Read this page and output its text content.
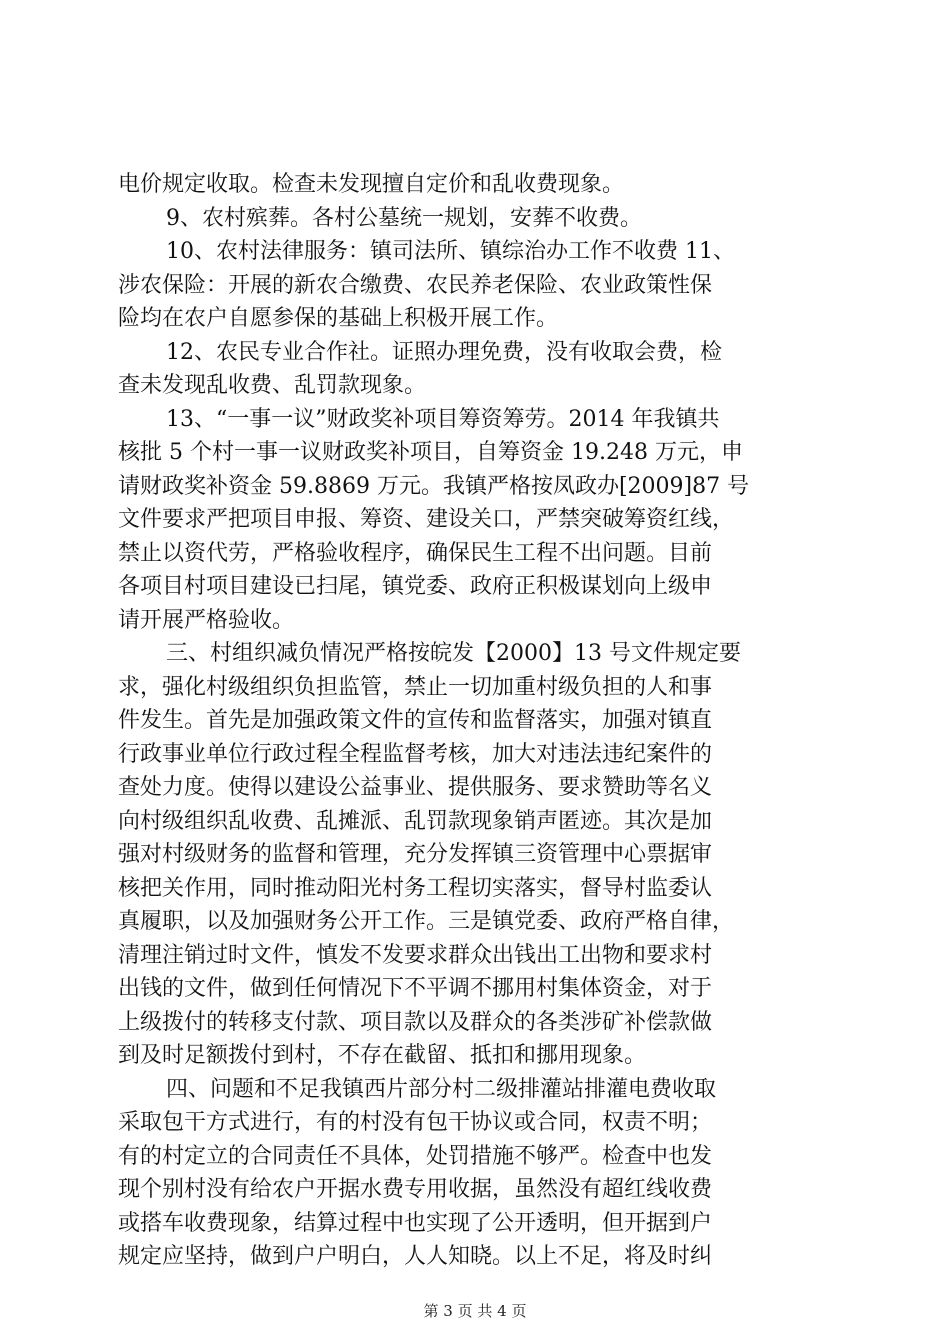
电价规定收取。检查未发现擅自定价和乱收费现象。
9、农村殡葬。各村公墓统一规划，安葬不收费。
10、农村法律服务：镇司法所、镇综治办工作不收费 11、
涉农保险：开展的新农合缴费、农民养老保险、农业政策性保
险均在农户自愿参保的基础上积极开展工作。
12、农民专业合作社。证照办理免费，没有收取会费，检
查未发现乱收费、乱罚款现象。
13、“一事一议”财政奖补项目筹资筹劳。2014 年我镇共
核批 5 个村一事一议财政奖补项目，自筹资金 19.248 万元，申
请财政奖补资金 59.8869 万元。我镇严格按凤政办[2009]87 号
文件要求严把项目申报、筹资、建设关口，严禁突破筹资红线，
禁止以资代劳，严格验收程序，确保民生工程不出问题。目前
各项目村项目建设已扫尾，镇党委、政府正积极谋划向上级申
请开展严格验收。
三、村组织减负情况严格按皖发【2000】13 号文件规定要
求，强化村级组织负担监管，禁止一切加重村级负担的人和事
件发生。首先是加强政策文件的宣传和监督落实，加强对镇直
行政事业单位行政过程全程监督考核，加大对违法违纪案件的
查处力度。使得以建设公益事业、提供服务、要求赞助等名义
向村级组织乱收费、乱摊派、乱罚款现象销声匿迹。其次是加
强对村级财务的监督和管理，充分发挥镇三资管理中心票据审
核把关作用，同时推动阳光村务工程切实落实，督导村监委认
真履职，以及加强财务公开工作。三是镇党委、政府严格自律，
清理注销过时文件，慎发不发要求群众出钱出工出物和要求村
出钱的文件，做到任何情况下不平调不挪用村集体资金，对于
上级拨付的转移支付款、项目款以及群众的各类涉矿补偿款做
到及时足额拨付到村，不存在截留、抵扣和挪用现象。
四、问题和不足我镇西片部分村二级排灌站排灌电费收取
采取包干方式进行，有的村没有包干协议或合同，权责不明；
有的村定立的合同责任不具体，处罚措施不够严。检查中也发
现个别村没有给农户开据水费专用收据，虽然没有超红线收费
或搭车收费现象，结算过程中也实现了公开透明，但开据到户
规定应坚持，做到户户明白，人人知晓。以上不足，将及时纠
第 3 页 共 4 页
